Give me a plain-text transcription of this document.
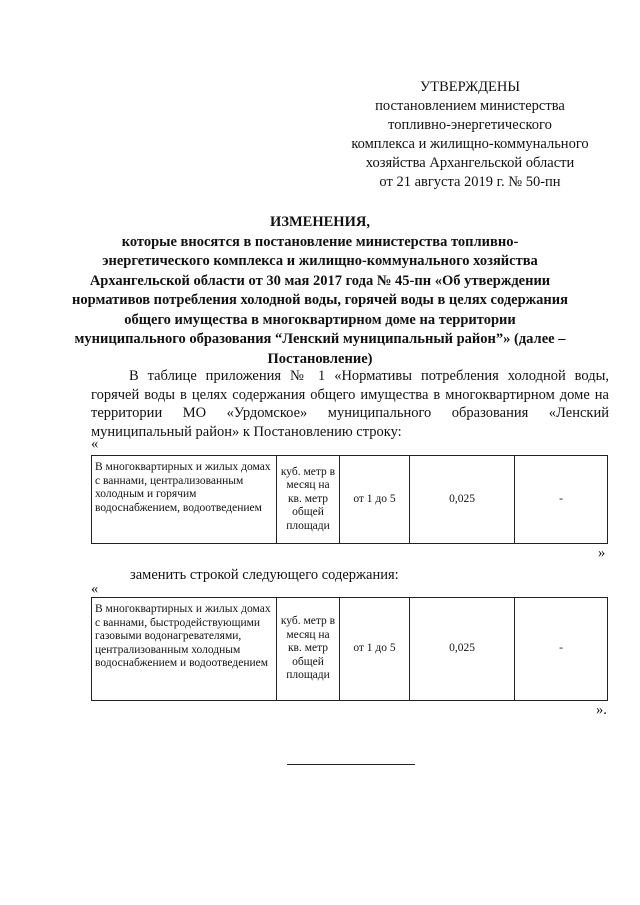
УТВЕРЖДЕНЫ
постановлением министерства
топливно-энергетического
комплекса и жилищно-коммунального
хозяйства Архангельской области
от 21 августа 2019 г. № 50-пн
ИЗМЕНЕНИЯ,
которые вносятся в постановление министерства топливно-энергетического комплекса и жилищно-коммунального хозяйства Архангельской области от 30 мая 2017 года № 45-пн «Об утверждении нормативов потребления холодной воды, горячей воды в целях содержания общего имущества в многоквартирном доме на территории муниципального образования “Ленский муниципальный район”» (далее – Постановление)
В таблице приложения № 1 «Нормативы потребления холодной воды, горячей воды в целях содержания общего имущества в многоквартирном доме на территории МО «Урдомское» муниципального образования «Ленский муниципальный район» к Постановлению строку:
«
В многоквартирных и жилых домах с ваннами, централизованным холодным и горячим водоснабжением, водоотведением	куб. метр в месяц на кв. метр общей площади	от 1 до 5	0,025	-
»
заменить строкой следующего содержания:
«
В многоквартирных и жилых домах с ваннами, быстродействующими газовыми водонагревателями, централизованным холодным водоснабжением и водоотведением	куб. метр в месяц на кв. метр общей площади	от 1 до 5	0,025	-
».
